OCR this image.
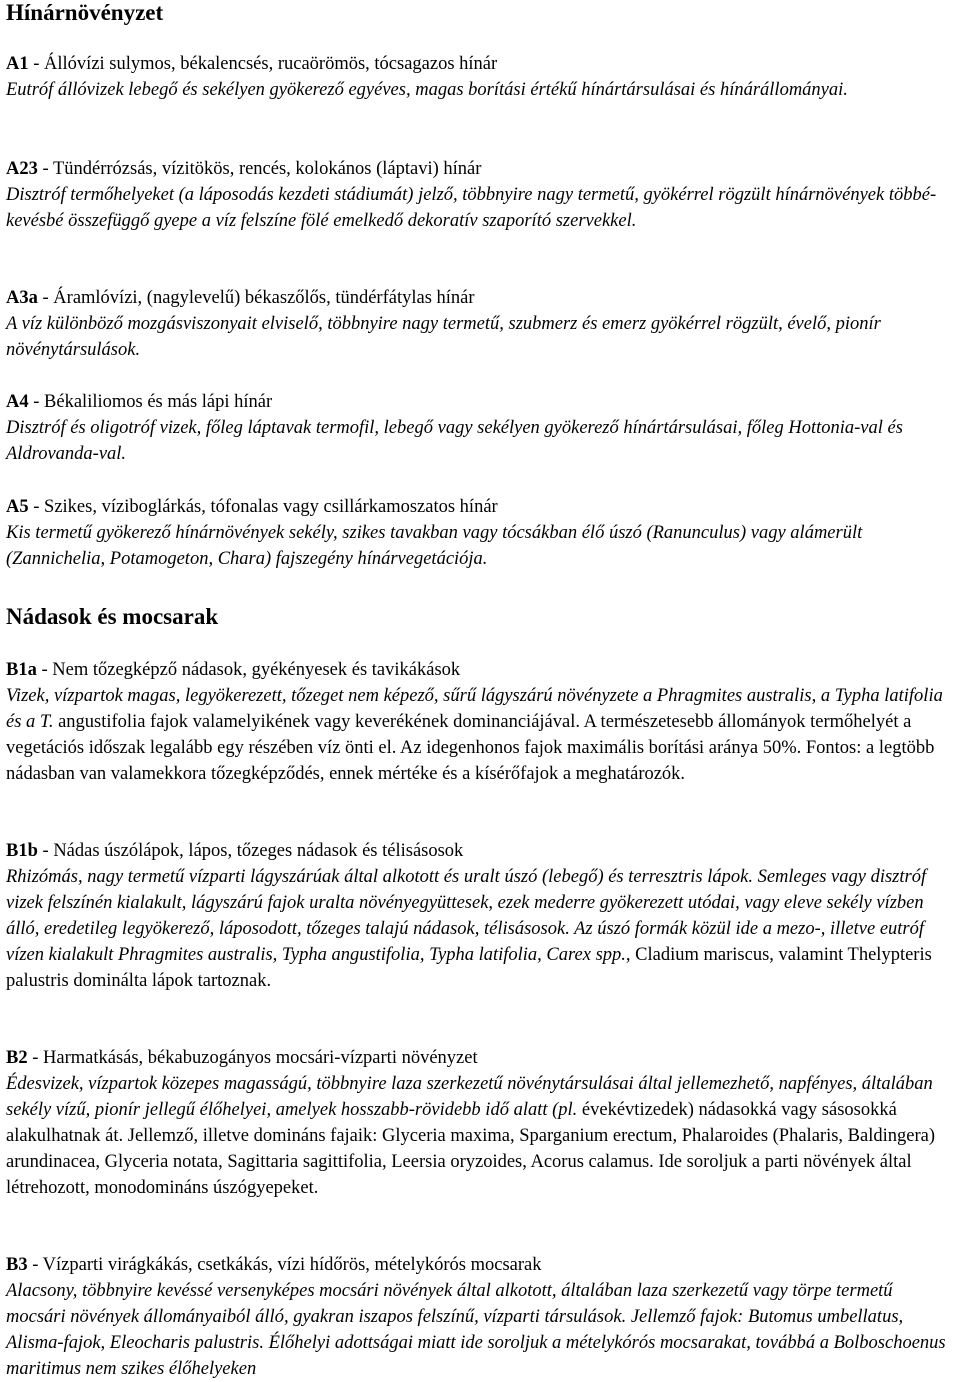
Hínárnövényzet

A1 - Állóvízi sulymos, békalencsés, rucaörömös, tócsagazos hínár
Eutróf állóvizek lebegő és sekélyen gyökerező egyéves, magas borítási értékű hínártársulásai és hínárállományai.

A23 - Tündérrózsás, vízitökös, rencés, kolokános (láptavi) hínár
Disztróf termőhelyeket (a láposodás kezdeti stádiumát) jelző, többnyire nagy termetű, gyökérrel rögzült hínárnövények többé-kevésbé összefüggő gyepe a víz felszíne fölé emelkedő dekoratív szaporító szervekkel.

A3a - Áramlóvízi, (nagylevelű) békaszőlős, tündérfátylas hínár
A víz különböző mozgásviszonyait elviselő, többnyire nagy termetű, szubmerz és emerz gyökérrel rögzült, évelő, pionír növénytársulások.

A4 - Békaliliomos és más lápi hínár
Disztróf és oligotróf vizek, főleg láptavak termofil, lebegő vagy sekélyen gyökerező hínártársulásai, főleg Hottonia-val és Aldrovanda-val.

A5 - Szikes, víziboglárkás, tófonalas vagy csillárkamoszatos hínár
Kis termetű gyökerező hínárnövények sekély, szikes tavakban vagy tócsákban élő úszó (Ranunculus) vagy alámerült (Zannichelia, Potamogeton, Chara) fajszegény hínárvegetációja.

Nádasok és mocsarak

B1a - Nem tőzegképző nádasok, gyékényesek és tavikákások
Vizek, vízpartok magas, legyökerezett, tőzeget nem képező, sűrű lágyszárú növényzete a Phragmites australis, a Typha latifolia és a T. angustifolia fajok valamelyikének vagy keverékének dominanciájával. A természetesebb állományok termőhelyét a vegetációs időszak legalább egy részében víz önti el. Az idegenhonos fajok maximális borítási aránya 50%. Fontos: a legtöbb nádasban van valamekkora tőzegképződés, ennek mértéke és a kísérőfajok a meghatározók.

B1b - Nádas úszólápok, lápos, tőzeges nádasok és télisásosok
Rhizómás, nagy termetű vízparti lágyszárúak által alkotott és uralt úszó (lebegő) és terresztris lápok. Semleges vagy disztróf vizek felszínén kialakult, lágyszárú fajok uralta növényegyüttesek, ezek mederre gyökerezett utódai, vagy eleve sekély vízben álló, eredetileg legyökerező, láposodott, tőzeges talajú nádasok, télisásosok. Az úszó formák közül ide a mezo-, illetve eutróf vízen kialakult Phragmites australis, Typha angustifolia, Typha latifolia, Carex spp., Cladium mariscus, valamint Thelypteris palustris dominálta lápok tartoznak.

B2 - Harmatkásás, békabuzogányos mocsári-vízparti növényzet
Édesvizek, vízpartok közepes magasságú, többnyire laza szerkezetű növénytársulásai által jellemezhető, napfényes, általában sekély vízű, pionír jellegű élőhelyei, amelyek hosszabb-rövidebb idő alatt (pl. évekévtizedek) nádasokká vagy sásosokká alakulhatnak át. Jellemző, illetve domináns fajaik: Glyceria maxima, Sparganium erectum, Phalaroides (Phalaris, Baldingera) arundinacea, Glyceria notata, Sagittaria sagittifolia, Leersia oryzoides, Acorus calamus. Ide soroljuk a parti növények által létrehozott, monodomináns úszógyepeket.

B3 - Vízparti virágkákás, csetkákás, vízi hídőrös, mételykórós mocsarak
Alacsony, többnyire kevéssé versenyképes mocsári növények által alkotott, általában laza szerkezetű vagy törpe termetű mocsári növények állományaiból álló, gyakran iszapos felszínű, vízparti társulások. Jellemző fajok: Butomus umbellatus, Alisma-fajok, Eleocharis palustris. Élőhelyi adottságai miatt ide soroljuk a mételykórós mocsarakat, továbbá a Bolboschoenus maritimus nem szikes élőhelyeken
